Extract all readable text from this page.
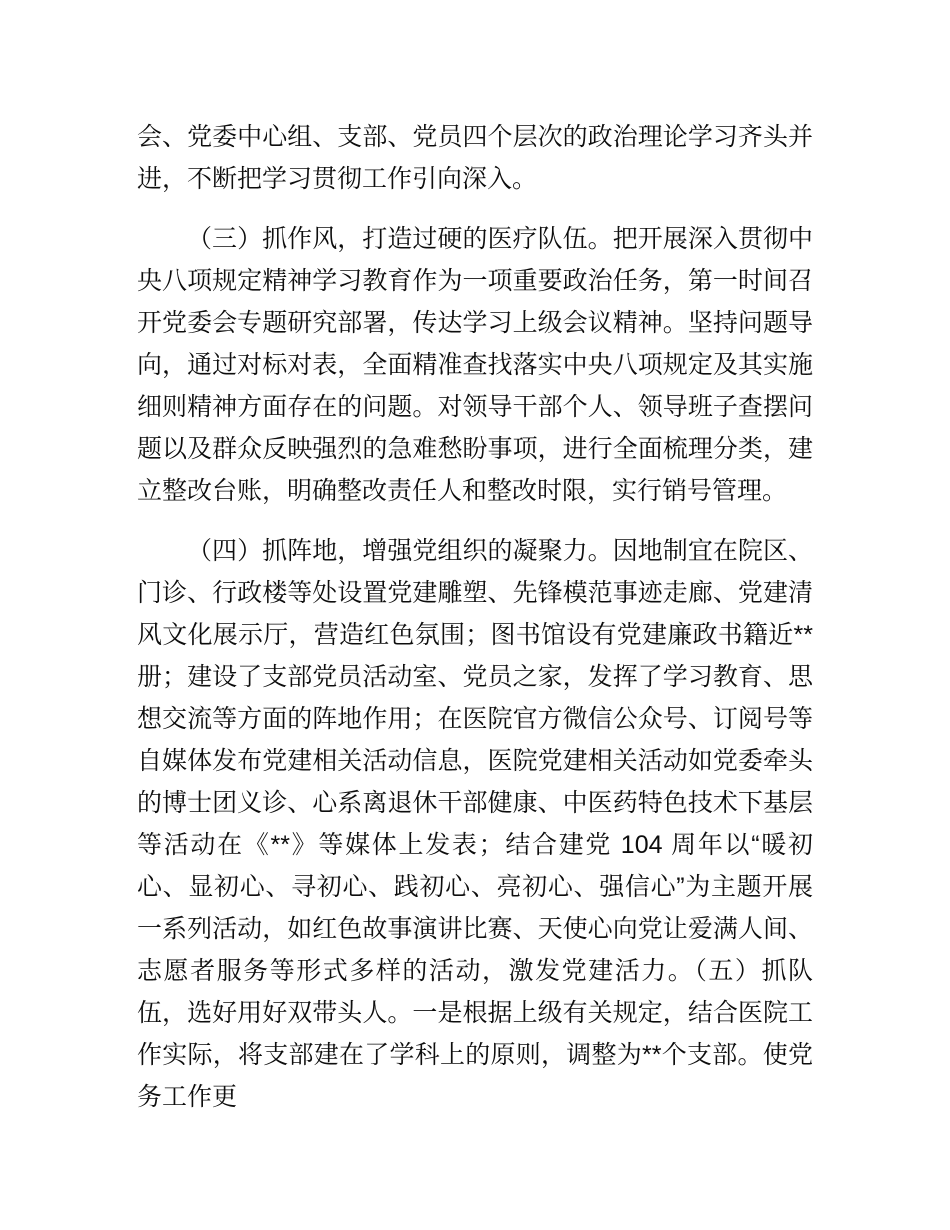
会、党委中心组、支部、党员四个层次的政治理论学习齐头并进，不断把学习贯彻工作引向深入。

（三）抓作风，打造过硬的医疗队伍。把开展深入贯彻中央八项规定精神学习教育作为一项重要政治任务，第一时间召开党委会专题研究部署，传达学习上级会议精神。坚持问题导向，通过对标对表，全面精准查找落实中央八项规定及其实施细则精神方面存在的问题。对领导干部个人、领导班子查摆问题以及群众反映强烈的急难愁盼事项，进行全面梳理分类，建立整改台账，明确整改责任人和整改时限，实行销号管理。

（四）抓阵地，增强党组织的凝聚力。因地制宜在院区、门诊、行政楼等处设置党建雕塑、先锋模范事迹走廊、党建清风文化展示厅，营造红色氛围；图书馆设有党建廉政书籍近**册；建设了支部党员活动室、党员之家，发挥了学习教育、思想交流等方面的阵地作用；在医院官方微信公众号、订阅号等自媒体发布党建相关活动信息，医院党建相关活动如党委牵头的博士团义诊、心系离退休干部健康、中医药特色技术下基层等活动在《**》等媒体上发表；结合建党 104 周年以“暖初心、显初心、寻初心、践初心、亮初心、强信心”为主题开展一系列活动，如红色故事演讲比赛、天使心向党让爱满人间、志愿者服务等形式多样的活动，激发党建活力。（五）抓队伍，选好用好双带头人。一是根据上级有关规定，结合医院工作实际，将支部建在了学科上的原则，调整为**个支部。使党务工作更
